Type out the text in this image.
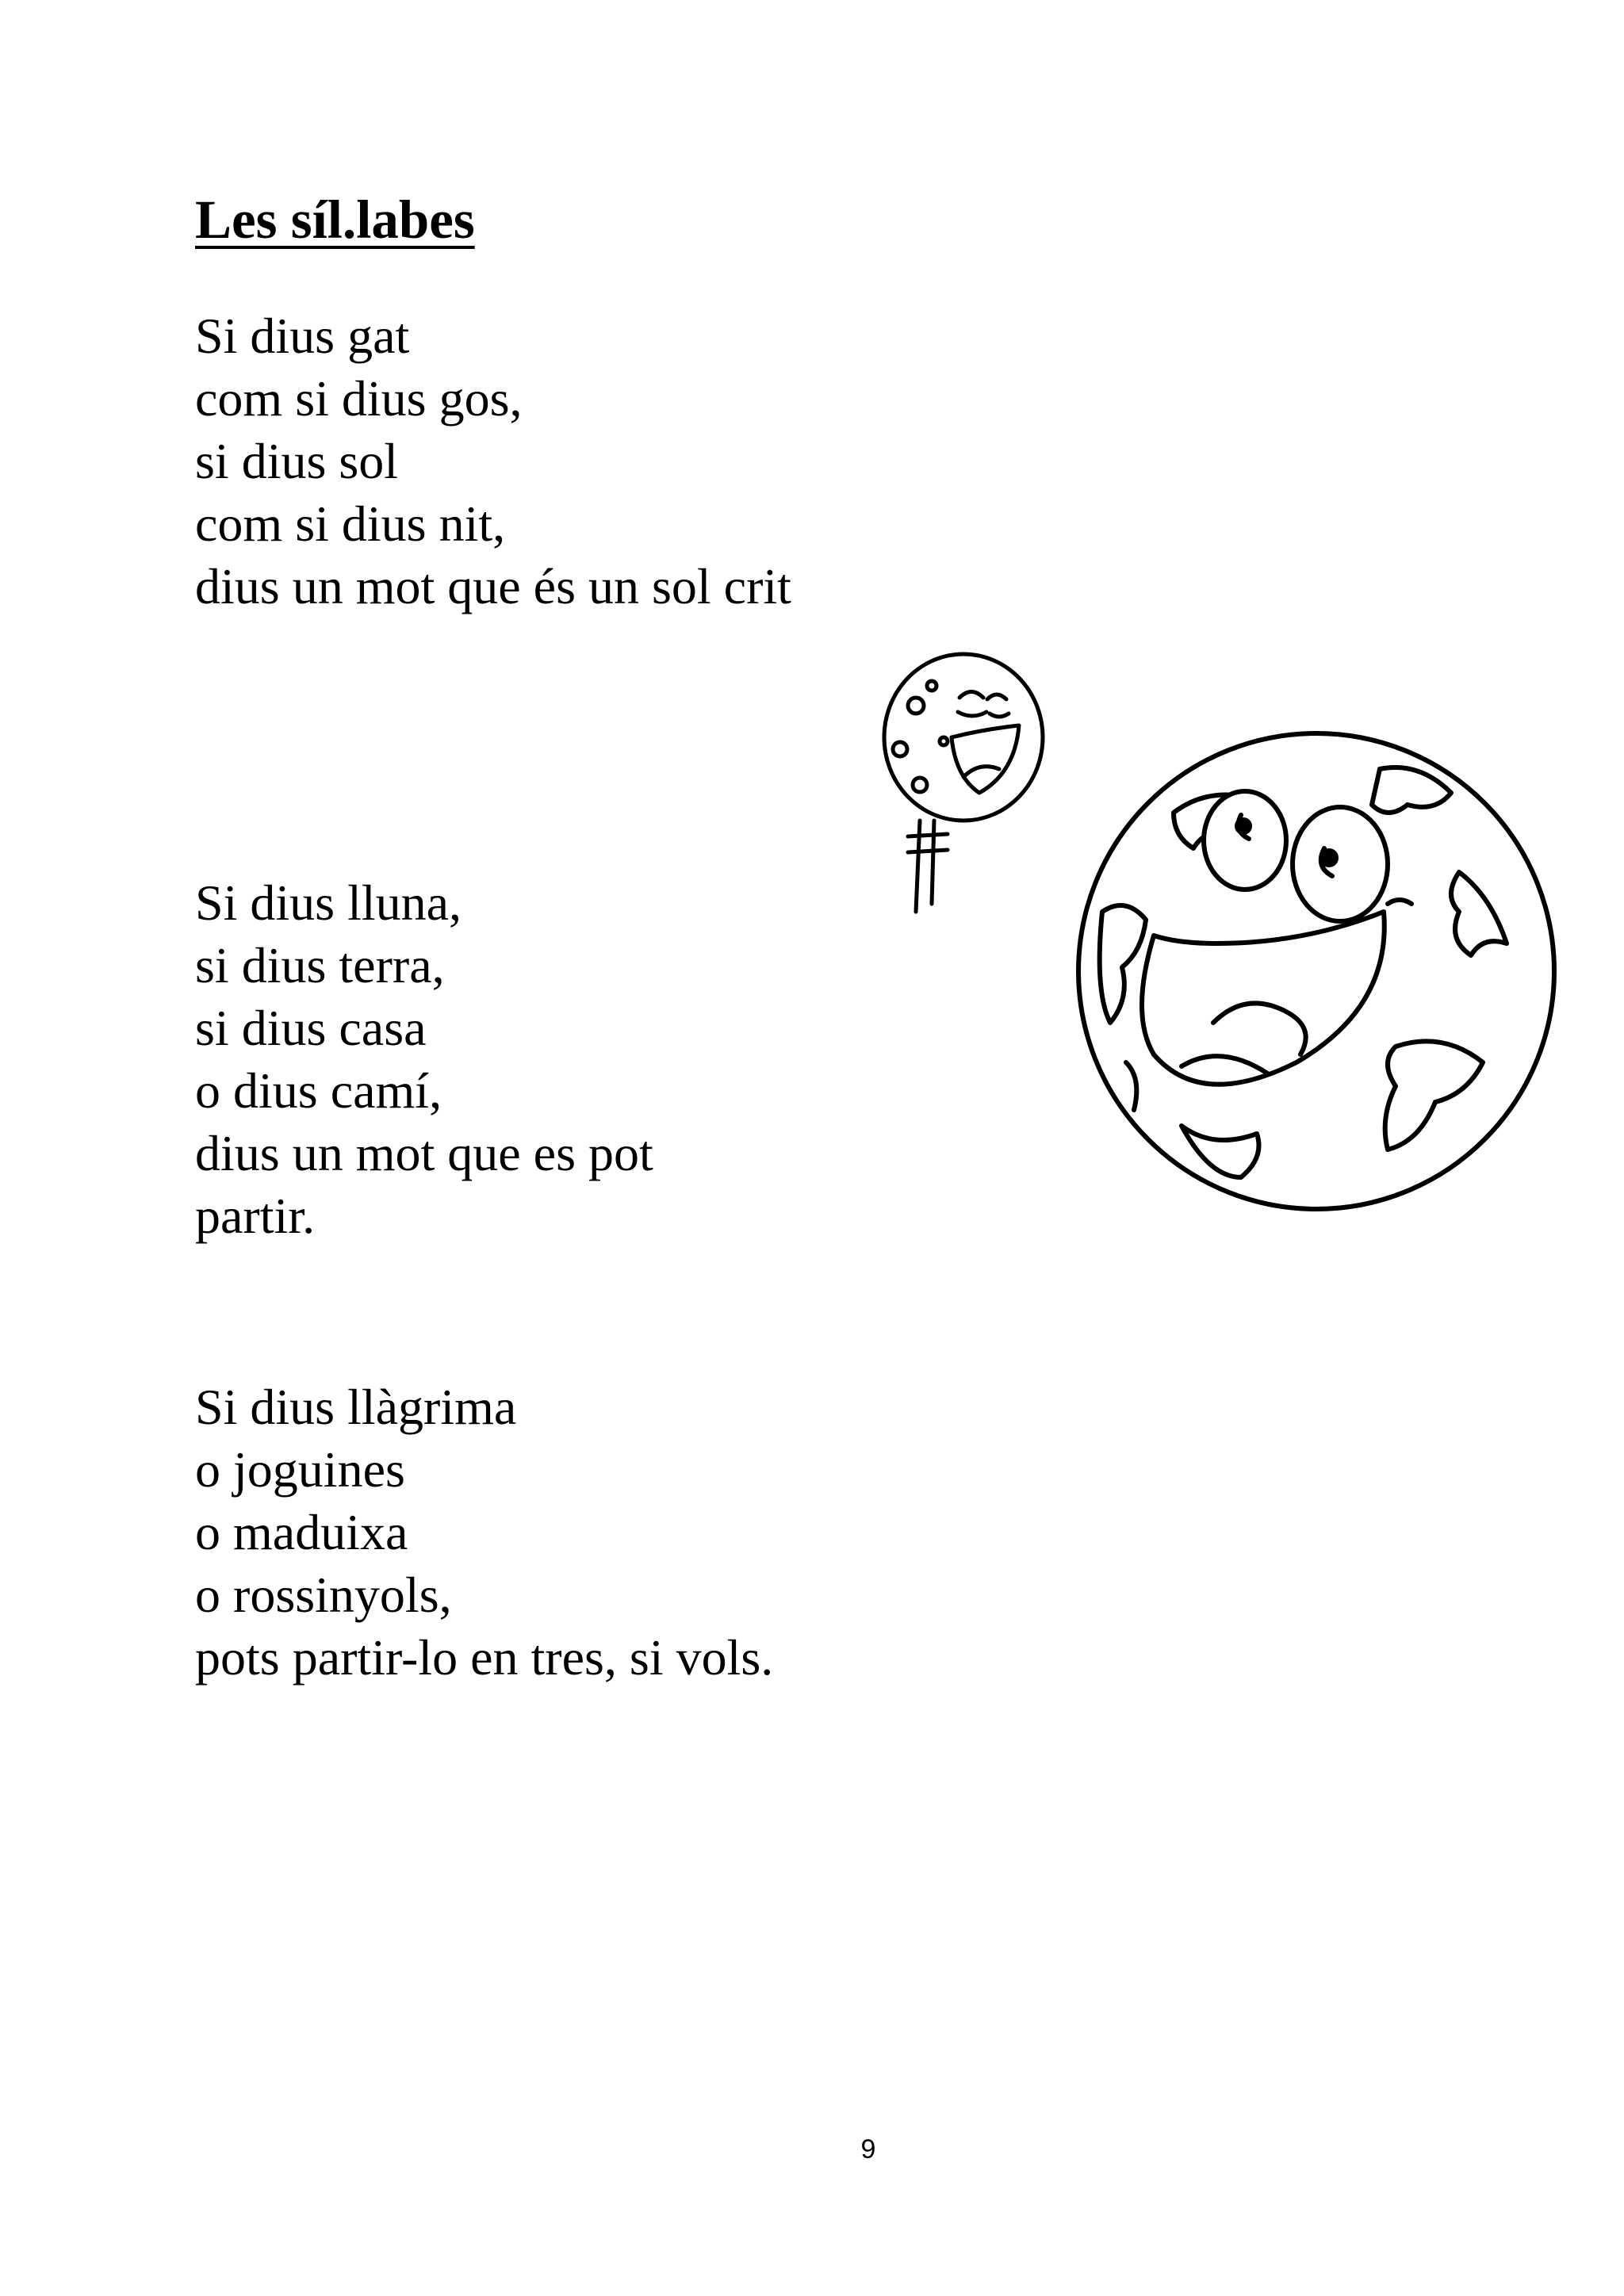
Les síl.labes
Si dius gat
com si dius gos,
si dius sol
com si dius nit,
dius un mot que és un sol crit
Si dius lluna,
si dius terra,
si dius casa
o dius camí,
dius un mot que es pot
partir.
Si dius llàgrima
o joguines
o maduixa
o rossinyols,
pots partir-lo en tres, si vols.
9
